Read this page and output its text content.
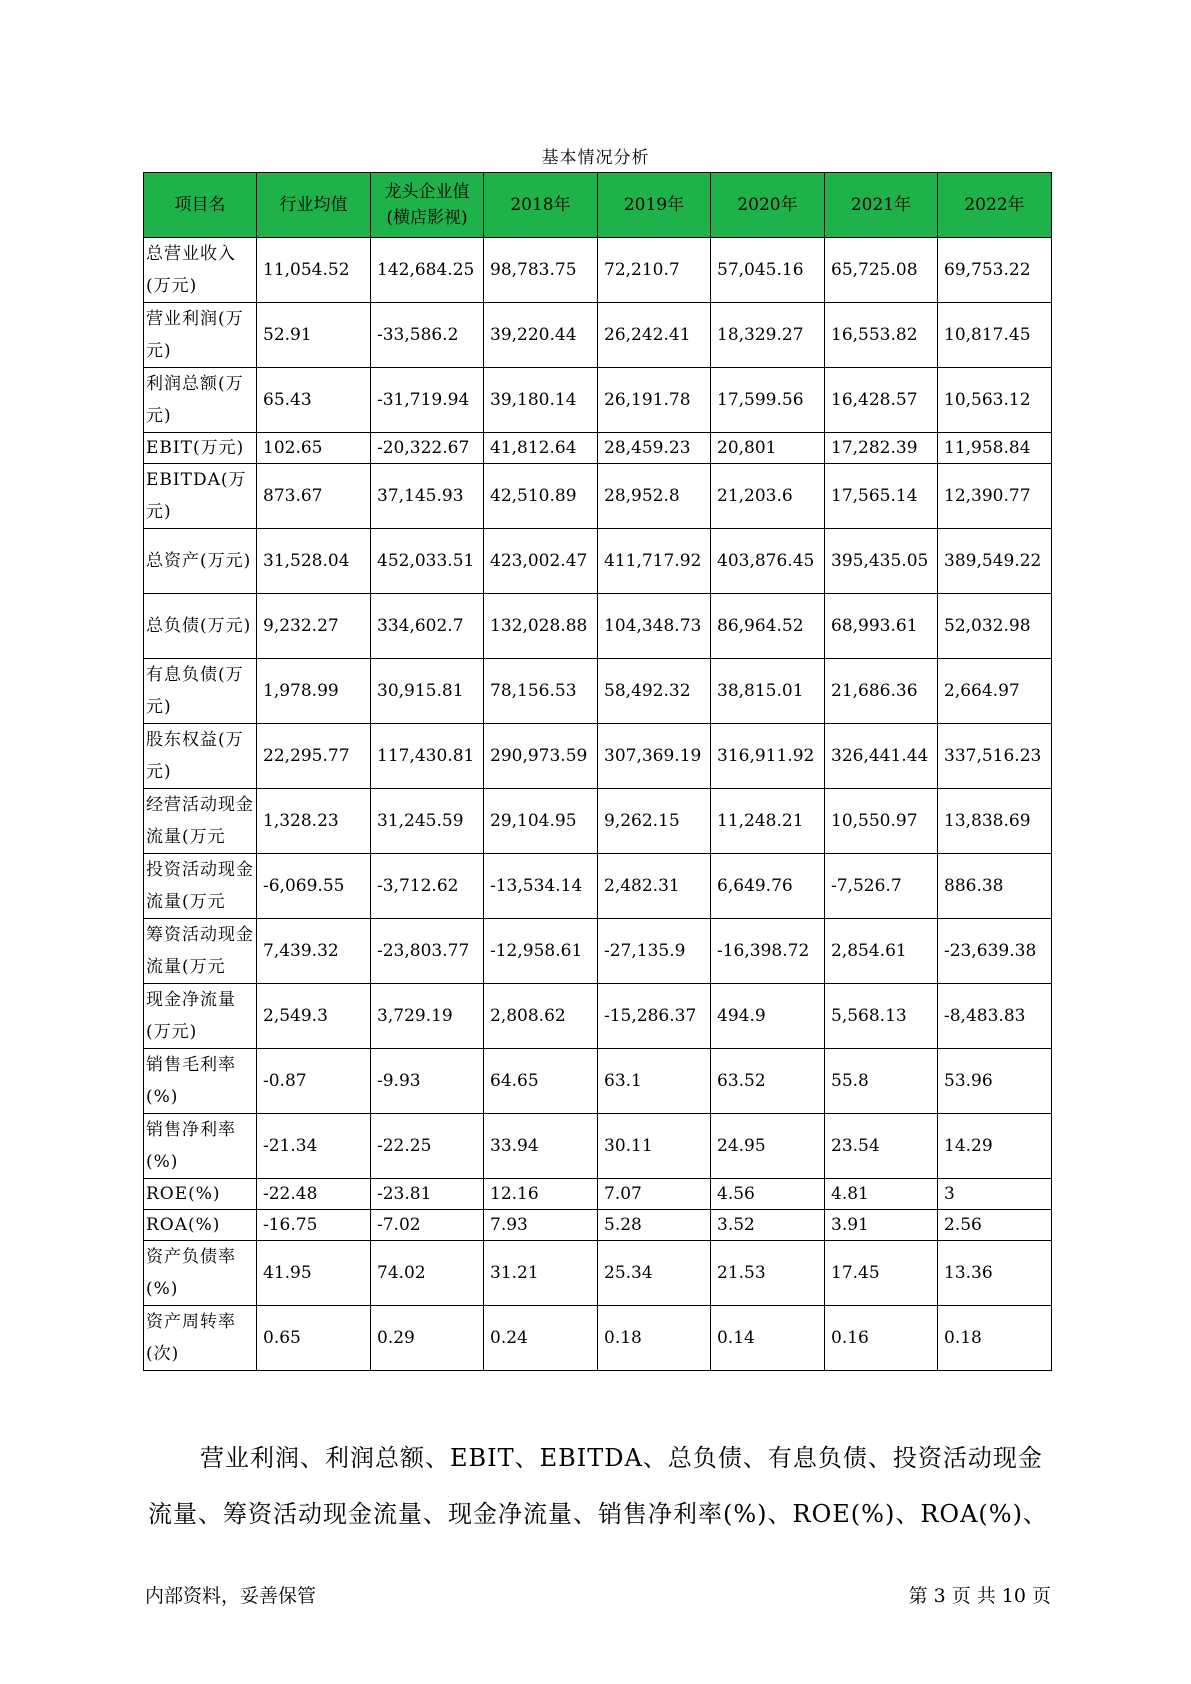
基本情况分析
项目名	行业均值	龙头企业值(横店影视)	2018年	2019年	2020年	2021年	2022年
总营业收入(万元)	11,054.52	142,684.25	98,783.75	72,210.7	57,045.16	65,725.08	69,753.22
营业利润(万元)	52.91	-33,586.2	39,220.44	26,242.41	18,329.27	16,553.82	10,817.45
利润总额(万元)	65.43	-31,719.94	39,180.14	26,191.78	17,599.56	16,428.57	10,563.12
EBIT(万元)	102.65	-20,322.67	41,812.64	28,459.23	20,801	17,282.39	11,958.84
EBITDA(万元)	873.67	37,145.93	42,510.89	28,952.8	21,203.6	17,565.14	12,390.77
总资产(万元)	31,528.04	452,033.51	423,002.47	411,717.92	403,876.45	395,435.05	389,549.22
总负债(万元)	9,232.27	334,602.7	132,028.88	104,348.73	86,964.52	68,993.61	52,032.98
有息负债(万元)	1,978.99	30,915.81	78,156.53	58,492.32	38,815.01	21,686.36	2,664.97
股东权益(万元)	22,295.77	117,430.81	290,973.59	307,369.19	316,911.92	326,441.44	337,516.23
经营活动现金流量(万元	1,328.23	31,245.59	29,104.95	9,262.15	11,248.21	10,550.97	13,838.69
投资活动现金流量(万元	-6,069.55	-3,712.62	-13,534.14	2,482.31	6,649.76	-7,526.7	886.38
筹资活动现金流量(万元	7,439.32	-23,803.77	-12,958.61	-27,135.9	-16,398.72	2,854.61	-23,639.38
现金净流量(万元)	2,549.3	3,729.19	2,808.62	-15,286.37	494.9	5,568.13	-8,483.83
销售毛利率(%)	-0.87	-9.93	64.65	63.1	63.52	55.8	53.96
销售净利率(%)	-21.34	-22.25	33.94	30.11	24.95	23.54	14.29
ROE(%)	-22.48	-23.81	12.16	7.07	4.56	4.81	3
ROA(%)	-16.75	-7.02	7.93	5.28	3.52	3.91	2.56
资产负债率(%)	41.95	74.02	31.21	25.34	21.53	17.45	13.36
资产周转率(次)	0.65	0.29	0.24	0.18	0.14	0.16	0.18
营业利润、利润总额、EBIT、EBITDA、总负债、有息负债、投资活动现金流量、筹资活动现金流量、现金净流量、销售净利率(%)、ROE(%)、ROA(%)、
内部资料，妥善保管	第 3 页 共 10 页
